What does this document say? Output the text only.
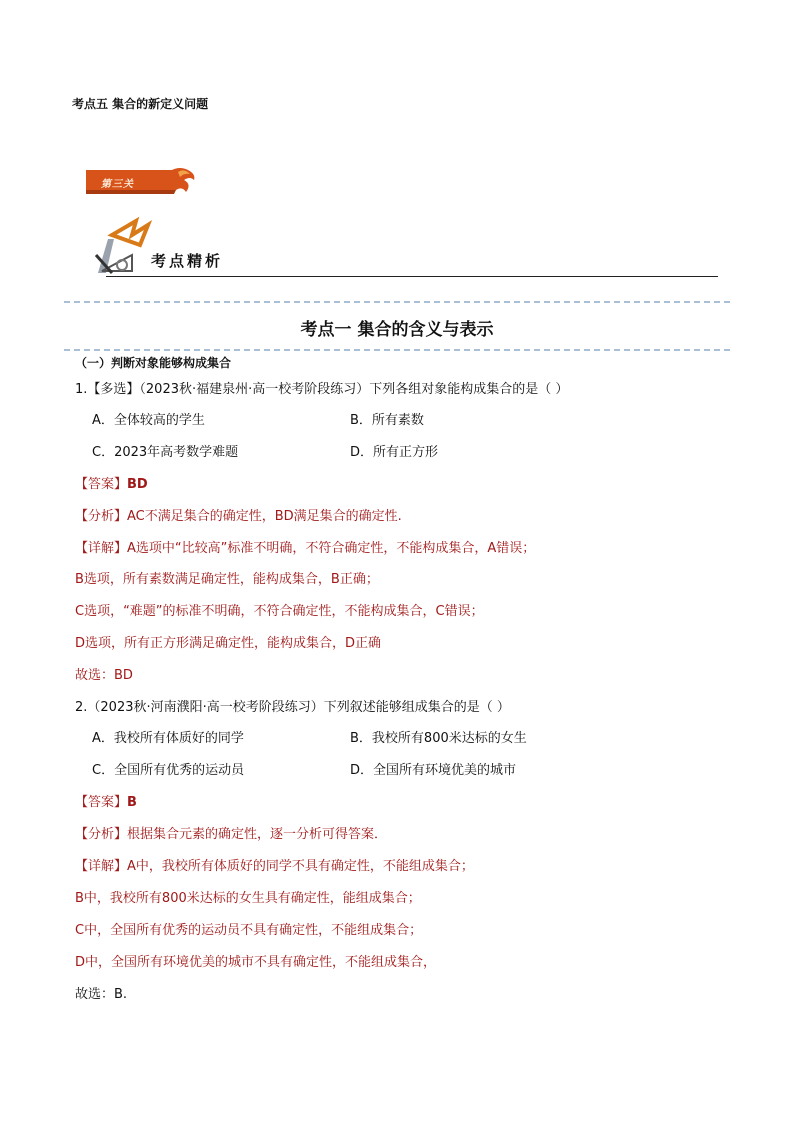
考点五 集合的新定义问题
第三关
考点精析
考点一 集合的含义与表示
（一）判断对象能够构成集合
1.【多选】（2023秋·福建泉州·高一校考阶段练习）下列各组对象能构成集合的是（ ）
A．全体较高的学生	B．所有素数
C．2023年高考数学难题	D．所有正方形
【答案】BD
【分析】AC不满足集合的确定性，BD满足集合的确定性.
【详解】A选项中“比较高”标准不明确，不符合确定性，不能构成集合，A错误；
B选项，所有素数满足确定性，能构成集合，B正确；
C选项，“难题”的标准不明确，不符合确定性，不能构成集合，C错误；
D选项，所有正方形满足确定性，能构成集合，D正确
故选：BD
2.（2023秋·河南濮阳·高一校考阶段练习）下列叙述能够组成集合的是（ ）
A．我校所有体质好的同学	B．我校所有800米达标的女生
C．全国所有优秀的运动员	D．全国所有环境优美的城市
【答案】B
【分析】根据集合元素的确定性，逐一分析可得答案．
【详解】A中，我校所有体质好的同学不具有确定性，不能组成集合；
B中，我校所有800米达标的女生具有确定性，能组成集合；
C中，全国所有优秀的运动员不具有确定性，不能组成集合；
D中，全国所有环境优美的城市不具有确定性，不能组成集合，
故选：B.
